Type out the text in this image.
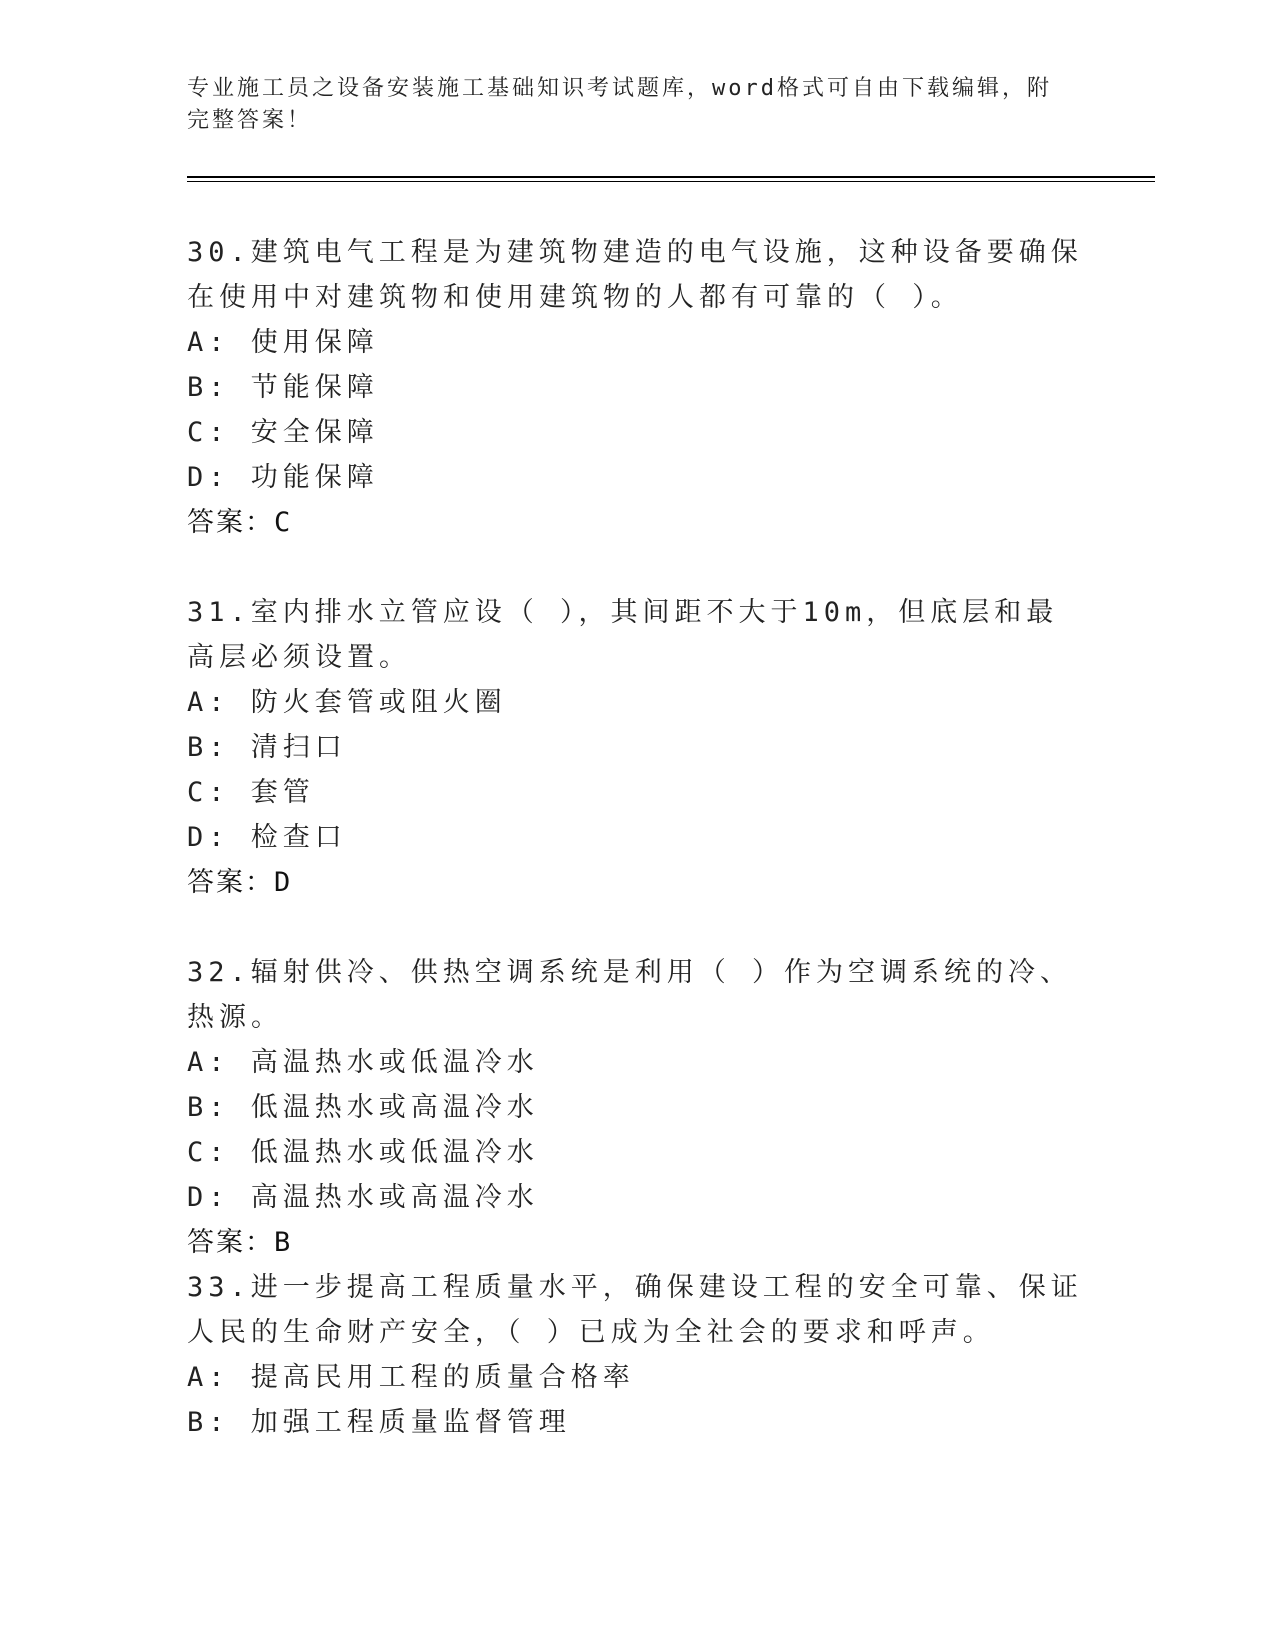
专业施工员之设备安装施工基础知识考试题库，word格式可自由下载编辑，附完整答案！
30.建筑电气工程是为建筑物建造的电气设施，这种设备要确保在使用中对建筑物和使用建筑物的人都有可靠的（ ）。
A: 使用保障
B: 节能保障
C: 安全保障
D: 功能保障
答案：C
31.室内排水立管应设（ ），其间距不大于10m，但底层和最高层必须设置。
A: 防火套管或阻火圈
B: 清扫口
C: 套管
D: 检查口
答案：D
32.辐射供冷、供热空调系统是利用（ ）作为空调系统的冷、热源。
A: 高温热水或低温冷水
B: 低温热水或高温冷水
C: 低温热水或低温冷水
D: 高温热水或高温冷水
答案：B
33.进一步提高工程质量水平，确保建设工程的安全可靠、保证人民的生命财产安全，（ ）已成为全社会的要求和呼声。
A: 提高民用工程的质量合格率
B: 加强工程质量监督管理
